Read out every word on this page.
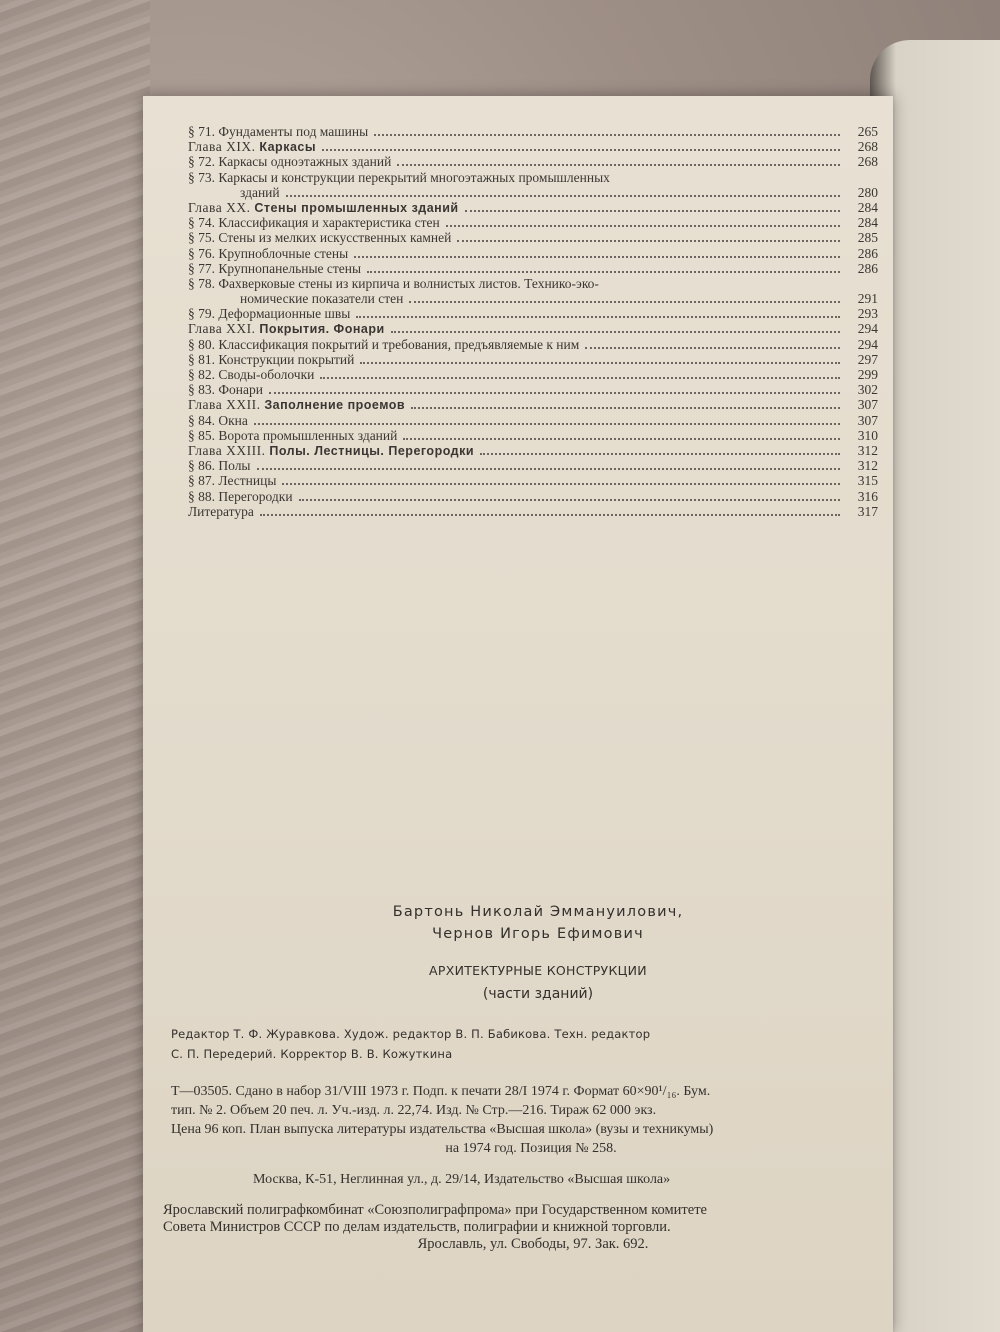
§ 71. Фундаменты под машины	265
Глава XIX. Каркасы	268
§ 72. Каркасы одноэтажных зданий	268
§ 73. Каркасы и конструкции перекрытий многоэтажных промышленных
зданий	280
Глава XX. Стены промышленных зданий	284
§ 74. Классификация и характеристика стен	284
§ 75. Стены из мелких искусственных камней	285
§ 76. Крупноблочные стены	286
§ 77. Крупнопанельные стены	286
§ 78. Фахверковые стены из кирпича и волнистых листов. Технико-эко-
номические показатели стен	291
§ 79. Деформационные швы	293
Глава XXI. Покрытия. Фонари	294
§ 80. Классификация покрытий и требования, предъявляемые к ним	294
§ 81. Конструкции покрытий	297
§ 82. Своды-оболочки	299
§ 83. Фонари	302
Глава XXII. Заполнение проемов	307
§ 84. Окна	307
§ 85. Ворота промышленных зданий	310
Глава XXIII. Полы. Лестницы. Перегородки	312
§ 86. Полы	312
§ 87. Лестницы	315
§ 88. Перегородки	316
Литература	317
Бартонь Николай Эммануилович,
Чернов Игорь Ефимович
АРХИТЕКТУРНЫЕ КОНСТРУКЦИИ
(части зданий)
Редактор Т. Ф. Журавкова. Худож. редактор В. П. Бабикова. Техн. редактор
С. П. Передерий. Корректор В. В. Кожуткина
Т—03505. Сдано в набор 31/VIII 1973 г. Подп. к печати 28/I 1974 г. Формат 60×90¹/₁₆. Бум.
тип. № 2. Объем 20 печ. л. Уч.-изд. л. 22,74. Изд. № Стр.—216. Тираж 62 000 экз.
Цена 96 коп. План выпуска литературы издательства «Высшая школа» (вузы и техникумы)
на 1974 год. Позиция № 258.
Москва, К-51, Неглинная ул., д. 29/14, Издательство «Высшая школа»
Ярославский полиграфкомбинат «Союзполиграфпрома» при Государственном комитете
Совета Министров СССР по делам издательств, полиграфии и книжной торговли.
Ярославль, ул. Свободы, 97. Зак. 692.
